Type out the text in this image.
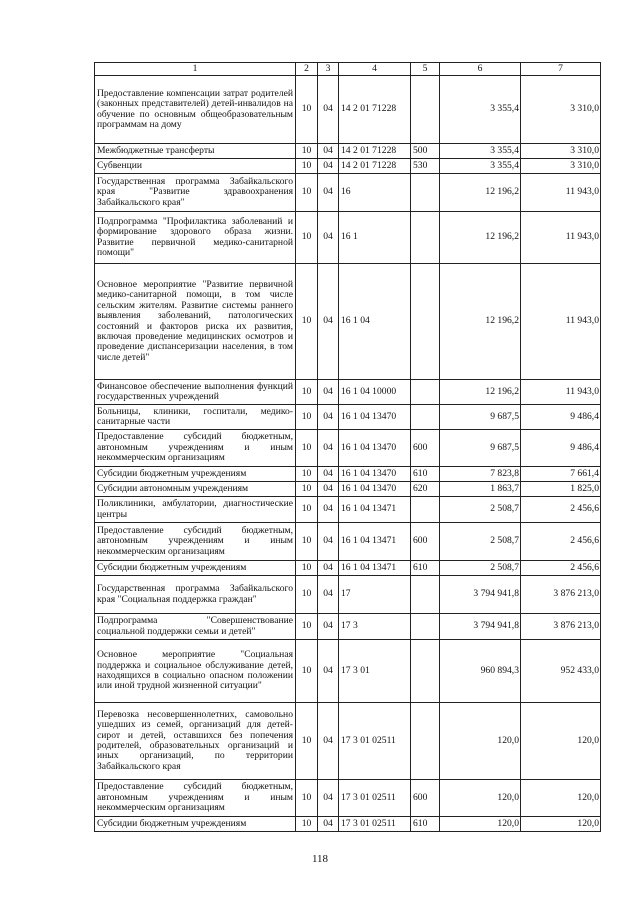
1	2	3	4	5	6	7
Предоставление компенсации затрат родителей (законных представителей) детей-инвалидов на обучение по основным общеобразовательным программам на дому	10	04	14 2 01 71228		3 355,4	3 310,0
Межбюджетные трансферты	10	04	14 2 01 71228	500	3 355,4	3 310,0
Субвенции	10	04	14 2 01 71228	530	3 355,4	3 310,0
Государственная программа Забайкальского края "Развитие здравоохранения Забайкальского края"	10	04	16		12 196,2	11 943,0
Подпрограмма "Профилактика заболеваний и формирование здорового образа жизни. Развитие первичной медико-санитарной помощи"	10	04	16 1		12 196,2	11 943,0
Основное мероприятие "Развитие первичной медико-санитарной помощи, в том числе сельским жителям. Развитие системы раннего выявления заболеваний, патологических состояний и факторов риска их развития, включая проведение медицинских осмотров и проведение диспансеризации населения, в том числе детей"	10	04	16 1 04		12 196,2	11 943,0
Финансовое обеспечение выполнения функций государственных учреждений	10	04	16 1 04 10000		12 196,2	11 943,0
Больницы, клиники, госпитали, медико-санитарные части	10	04	16 1 04 13470		9 687,5	9 486,4
Предоставление субсидий бюджетным, автономным учреждениям и иным некоммерческим организациям	10	04	16 1 04 13470	600	9 687,5	9 486,4
Субсидии бюджетным учреждениям	10	04	16 1 04 13470	610	7 823,8	7 661,4
Субсидии автономным учреждениям	10	04	16 1 04 13470	620	1 863,7	1 825,0
Поликлиники, амбулатории, диагностические центры	10	04	16 1 04 13471		2 508,7	2 456,6
Предоставление субсидий бюджетным, автономным учреждениям и иным некоммерческим организациям	10	04	16 1 04 13471	600	2 508,7	2 456,6
Субсидии бюджетным учреждениям	10	04	16 1 04 13471	610	2 508,7	2 456,6
Государственная программа Забайкальского края "Социальная поддержка граждан"	10	04	17		3 794 941,8	3 876 213,0
Подпрограмма "Совершенствование социальной поддержки семьи и детей"	10	04	17 3		3 794 941,8	3 876 213,0
Основное мероприятие "Социальная поддержка и социальное обслуживание детей, находящихся в социально опасном положении или иной трудной жизненной ситуации"	10	04	17 3 01		960 894,3	952 433,0
Перевозка несовершеннолетних, самовольно ушедших из семей, организаций для детей-сирот и детей, оставшихся без попечения родителей, образовательных организаций и иных организаций, по территории Забайкальского края	10	04	17 3 01 02511		120,0	120,0
Предоставление субсидий бюджетным, автономным учреждениям и иным некоммерческим организациям	10	04	17 3 01 02511	600	120,0	120,0
Субсидии бюджетным учреждениям	10	04	17 3 01 02511	610	120,0	120,0
118
